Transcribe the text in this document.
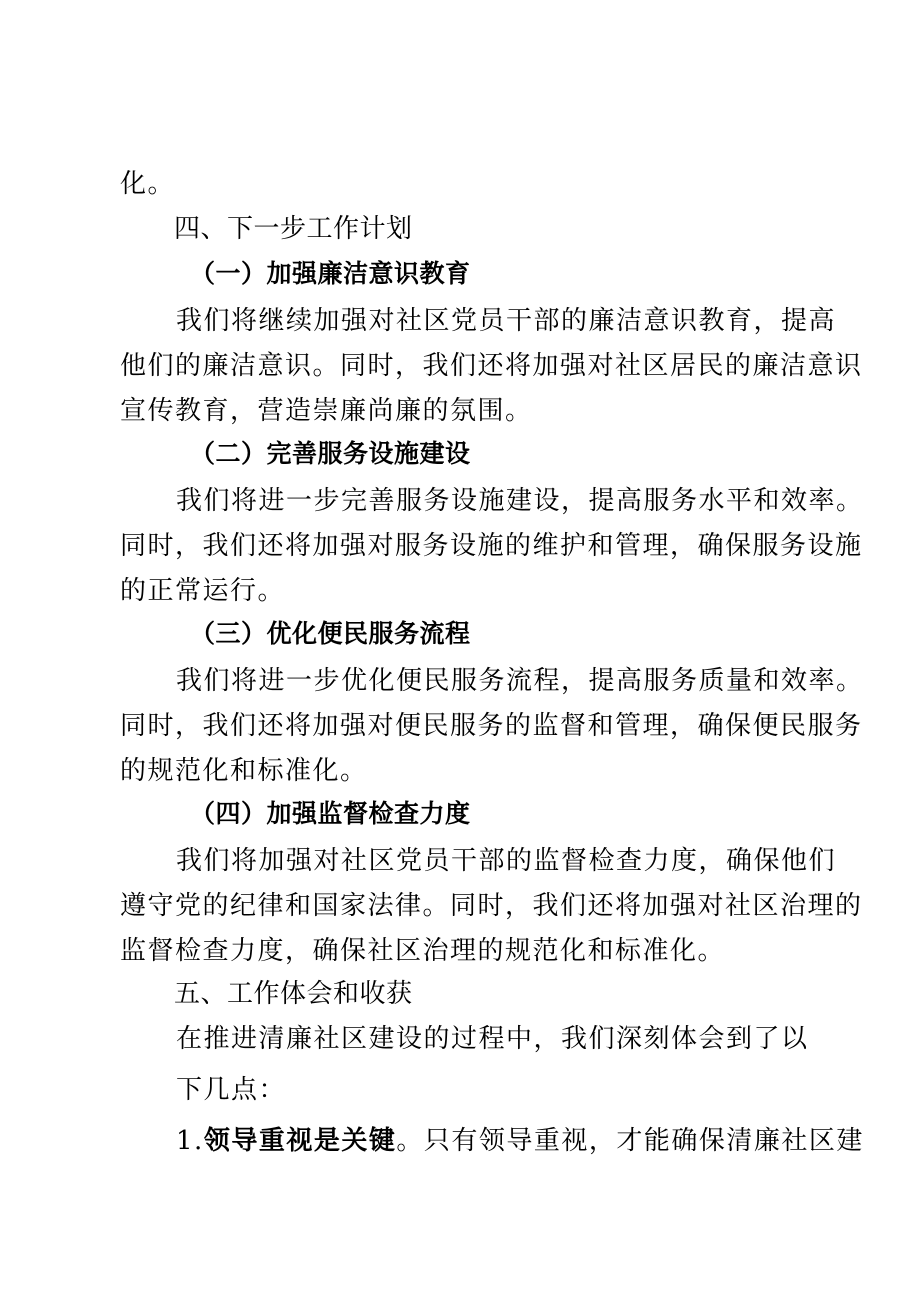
化。
四、下一步工作计划
（一）加强廉洁意识教育
我们将继续加强对社区党员干部的廉洁意识教育，提高
他们的廉洁意识。同时，我们还将加强对社区居民的廉洁意识
宣传教育，营造崇廉尚廉的氛围。
（二）完善服务设施建设
我们将进一步完善服务设施建设，提高服务水平和效率。
同时，我们还将加强对服务设施的维护和管理，确保服务设施
的正常运行。
（三）优化便民服务流程
我们将进一步优化便民服务流程，提高服务质量和效率。
同时，我们还将加强对便民服务的监督和管理，确保便民服务
的规范化和标准化。
（四）加强监督检查力度
我们将加强对社区党员干部的监督检查力度，确保他们
遵守党的纪律和国家法律。同时，我们还将加强对社区治理的
监督检查力度，确保社区治理的规范化和标准化。
五、工作体会和收获
在推进清廉社区建设的过程中，我们深刻体会到了以
下几点：
1.领导重视是关键。只有领导重视，才能确保清廉社区建
